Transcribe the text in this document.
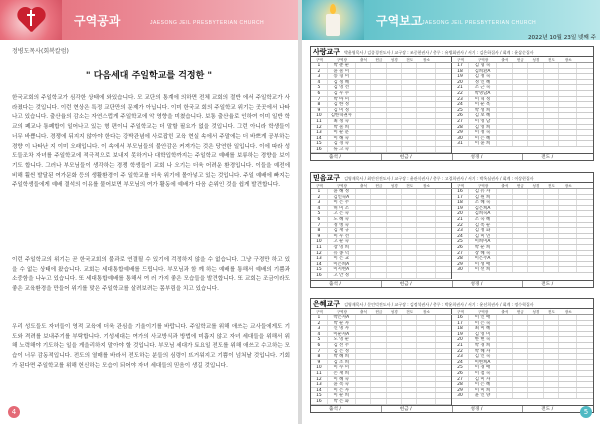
구역공과	JAESONG JEIL PRESBYTERIAN CHURCH
정병도목사(회복칼럼)
" 다음세대 주일학교를 걱정한 "

한국교회의 주일학교가 심각한 상태에 와있습니다. 모 교단의 통계에 의하면 전체 교회의 절반 에서 주일학교가 사라졌다는 것입니다. 이런 현상은 특정 교단만의 문제가 아닙니다. 이미 한국교 회의 주일학교 위기는 곳곳에서 나타나고 있습니다. 출산율의 감소는 자연스럽게 주일학교에 악 영향을 미쳤습니다. 보통 출산율로 인하여 이미 일반 학교의 폐교나 통폐합이 일어나고 있는 형 편이니 주일학교는 더 말할 필요가 없을 것입니다. 그런 아니라 학생들이 너무 바쁩니다. 경쟁에 뒤지지 않아야 한다는 강박관념에 사로잡힌 교육 현실 속에서 주말에는 더 바쁘게 공부하는 경향 이 나타난 지 이미 오래입니다. 이 속에서 부모님들의 불안감은 커져가는 것은 당연한 일입니다. 이에 따라 성도들조차 자녀를 주일학교에 적극적으로 보내지 못하거나 대학입학까지는 주일학교 예배를 보류하는 경향을 보이기도 합니다. 그러나 부모님들이 생각하는 경쟁 학생들이 교회 나 오기는 더욱 어려운 환경입니다. 이들을 예전에 비해 훨씬 발달된 여가문화 등의 생활환경이 주 일학교를 더욱 위기에 몰아넣고 있는 것입니다. 주일 예배에 빠지는 주일학생들에게 예배 결석의 이유를 물어보면 부모님의 여가 활동에 예배가 다음 순위인 것을 쉽게 발견합니다.

이런 주일학교의 위기는 곧 한국교회의 불과로 연결될 수 있기에 걱정하지 않을 수 없습니다. 그냥 구경만 하고 있을 수 없는 상태에 왔습니다. 교회는 세대통합예배를 드립니다. 부모님과 함 께 하는 예배를 통해서 예배의 기쁨과 소중함을 나누고 있습니다. 또 세대통합예배를 통해서 여 러 가지 좋은 모습들을 발견합니다. 또 교회는 조금이라도 좋은 교육환경을 만들어 위기를 맞은 주일학교를 살려보려는 몸부림을 치고 있습니다.

우리 성도들도 자녀들이 영적 교육에 더욱 관심을 기울이기를 바랍니다. 주일학교를 위해 애쓰는 교사들에게도 기도와 격려를 보내주기를 부탁합니다. 기성세대는 여가의 사교방식과 방법에 미흡지 않고 자녀 세대들을 위해서 위해 노력해야 기도하는 일을 게을리하지 말아야 할 것입니다. 부모님 세대가 토요일 전도를 위해 애쓰고 수고하는 모습이 너무 감동적입니다. 전도의 열매를 바라서 전도하는 분들의 심령이 뜨거워지고 기쁨이 넘쳐날 것입니다. 기회가 된다면 주일학교를 위해 헌신하는 모습이 되어야 자녀 세대들의 믿음이 생길 것입니다.

4
구역보고 JAESONG JEIL PRESBYTERIAN CHURCH
2022년 10월 23일 넷째 주
사랑교구 박윤영목사 / 김종경전도사 / 교구장 : 조중현권사 / 총무 : 유병회권사 / 서기 : 김은하집사 / 회계 : 윤삼순집사
구역	구역장	출석	헌금	성경	전도	장소	구역	구역장	출석	헌금	성경	전도	장소
1	박 춘 순
2	윤 물 미
3	송 형 미
4	김 정 혜
5	김 영 선
6	김 우 수
7	박 아 미
8	김 한 정
9	김 미 정
10	김한혁권사
11	최 정 숙
12	박 물 희
13	이 순 분
14	이 해 숙
15	김 경 숙
16	류 고 숙
17	김 형 숙
18	김희환A
19	김 정 숙
20	정 인 혜
21	조 근 숙
22	박명남A
23	이 혁 정
24	이 순 옥
25	박 성 희
26	김 보 혜
27	이 영 남
28	김 영 희
29	이 정 숙
30	이 은 혜
31	이 윤 희
출석 /	헌금 /	성경 /	전도 /
믿음교구 김영재목사 / 최안진전도사 / 교구장 : 윤관식권사 / 총무 : 고경희권사 / 서기 : 박옥심권사 / 회계 : 이상현집사
구역	구역장	출석	헌금	성경	전도	장소	구역	구역장	출석	헌금	성경	전도	장소
1	윤 해 정
2	김인숙A
3	이 은 주
4	허 미 조
5	고 은 숙
6	도 혜 숙
7	정 병 숙
8	김 재 규
9	이 우 선
10	고 순 숙
11	장 영 희
12	유 종 덕
13	이 은 교
14	이은희A
15	이시현A
16	고 안 정
16	김 유 자
17	김 원 희
18	조 혜 숙
19	김은희A
20	김희숙A
21	조 숙 혜
22	김 옥 순
23	김 정 화
24	김 미 연
25	이희미A
26	박 순 희
27	장 혜 숙
28	이은주A
29	이 성 애
30	이 선 희
출석 /	헌금 /	성경 /	전도 /
은혜교구 김영재목사 / 문인덕전도사 / 교구장 : 김정석권사 / 총무 : 박윤희권사 / 서기 : 윤선희권사 / 회계 : 정수혁집사
구역	구역장	출석	헌금	성경	전도	장소	구역	구역장	출석	헌금	성경	전도	장소
1	박은자A
2	박 순 자
3	신 명 자
4	이순자A
5	노 영 순
6	김 선 주
7	김 은 정
8	박 혜 희
9	김 조 희
10	이 수 미
11	손 재 희
12	이 혜 숙
13	윤 복 숙
14	이 은 자
15	이 순 희
16	박 은 화
16	이 인 애
17	이 은 숙
18	최 미 혜
19	김 영 미
20	한 현 숙
21	박 경 희
22	박 혜 자
23	김 인 숙
24	이현희A
25	이 경 애
26	이 점 숙
27	김 미 자
28	이 은 혜
29	이 미 희
30	윤 인 양
출석 /	헌금 /	성경 /	전도 /	5
